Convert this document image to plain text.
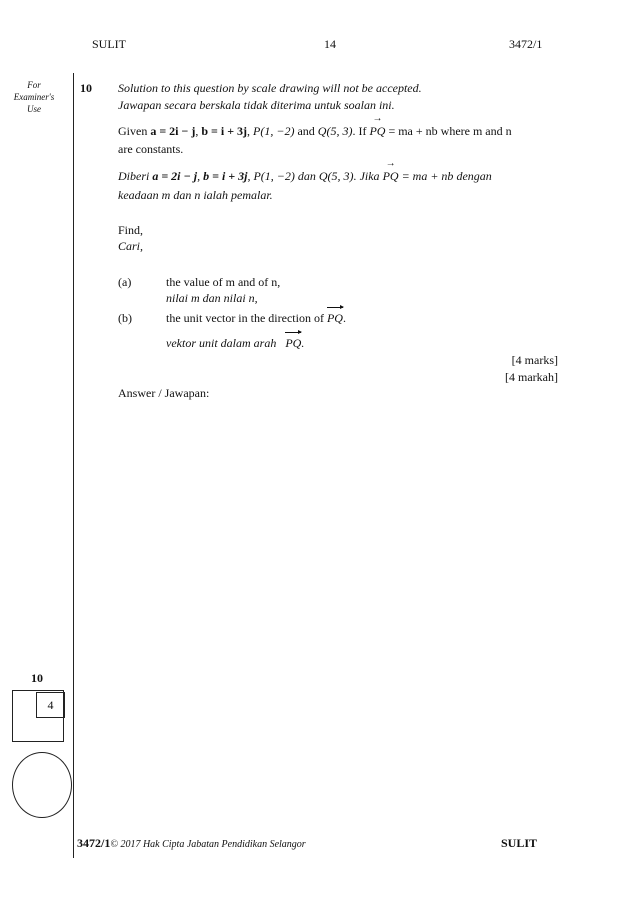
SULIT	14	3472/1
For Examiner's Use
10 Solution to this question by scale drawing will not be accepted.
Jawapan secara berskala tidak diterima untuk soalan ini.
Given a = 2i − j, b = i + 3j, P(1, −2) and Q(5, 3). If
→
PQ = ma + nb where m and n
are constants.
Diberi a = 2i − j, b = i + 3j, P(1, −2) dan Q(5, 3). Jika
→
PQ = ma + nb dengan
keadaan m dan n ialah pemalar.
Find,
Cari,
(a)	the value of m and of n,
nilai m dan nilai n,
(b)	the unit vector in the direction of PQ.
vektor unit dalam arah PQ.
[4 marks]
[4 markah]
Answer / Jawapan:
10
4
3472/1© 2017 Hak Cipta Jabatan Pendidikan Selangor	SULIT
